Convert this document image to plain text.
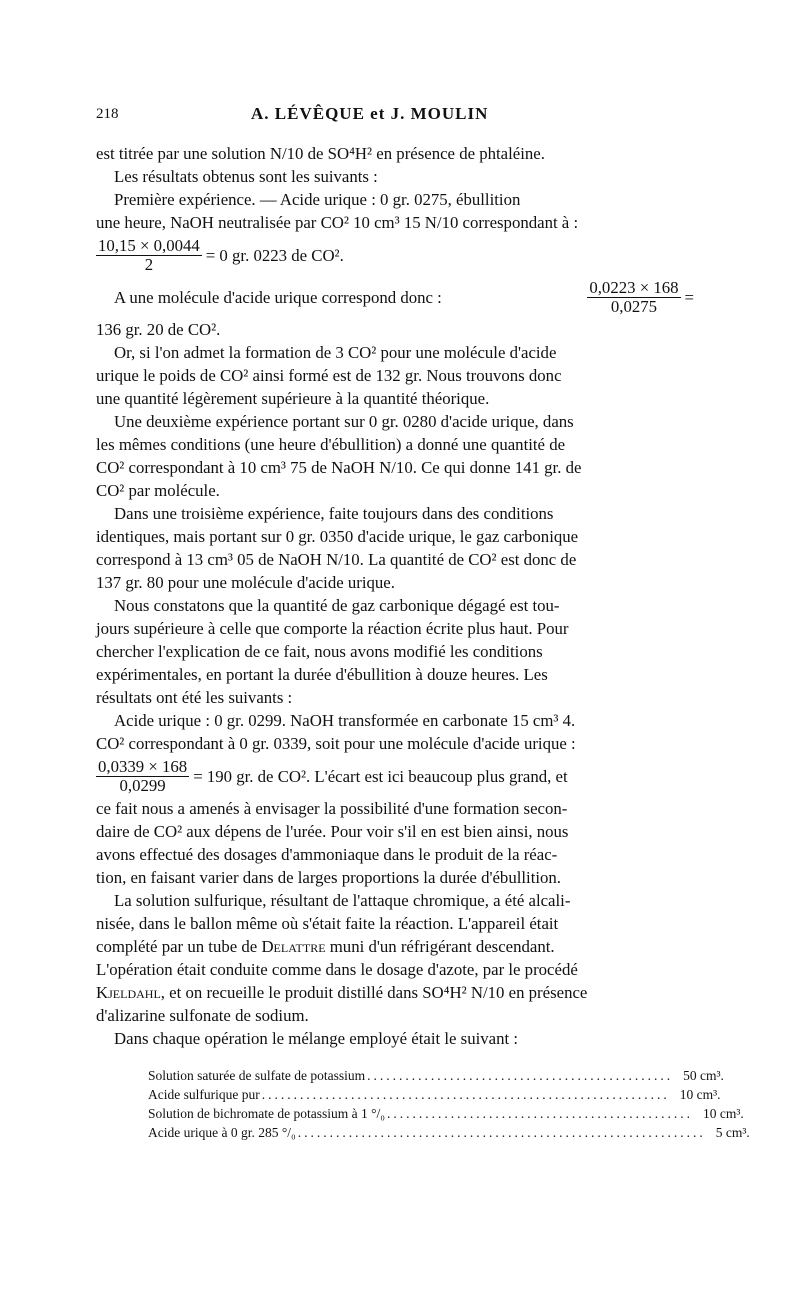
218	A. LÉVÊQUE et J. MOULIN

est titrée par une solution N/10 de SO⁴H² en présence de phtaléine.

Les résultats obtenus sont les suivants :

Première expérience. — Acide urique : 0 gr. 0275, ébullition
une heure, NaOH neutralisée par CO² 10 cm³ 15 N/10 correspondant à :

$\frac{10,15 \times 0,0044}{2} = 0$ gr. 0223 de CO².
A une molécule d'acide urique correspond donc :	$\frac{0,0223 \times 168}{0,0275}$ =

136 gr. 20 de CO².

Or, si l'on admet la formation de 3 CO² pour une molécule d'acide
urique le poids de CO² ainsi formé est de 132 gr. Nous trouvons donc
une quantité légèrement supérieure à la quantité théorique.

Une deuxième expérience portant sur 0 gr. 0280 d'acide urique, dans
les mêmes conditions (une heure d'ébullition) a donné une quantité de
CO² correspondant à 10 cm³ 75 de NaOH N/10. Ce qui donne 141 gr. de
CO² par molécule.

Dans une troisième expérience, faite toujours dans des conditions
identiques, mais portant sur 0 gr. 0350 d'acide urique, le gaz carbonique
correspond à 13 cm³ 05 de NaOH N/10. La quantité de CO² est donc de
137 gr. 80 pour une molécule d'acide urique.

Nous constatons que la quantité de gaz carbonique dégagé est tou-
jours supérieure à celle que comporte la réaction écrite plus haut. Pour
chercher l'explication de ce fait, nous avons modifié les conditions
expérimentales, en portant la durée d'ébullition à douze heures. Les
résultats ont été les suivants :

Acide urique : 0 gr. 0299. NaOH transformée en carbonate 15 cm³ 4.
CO² correspondant à 0 gr. 0339, soit pour une molécule d'acide urique :

$\frac{0,0339 \times 168}{0,0299} = 190$ gr. de CO². L'écart est ici beaucoup plus grand, et

ce fait nous a amenés à envisager la possibilité d'une formation secon-
daire de CO² aux dépens de l'urée. Pour voir s'il en est bien ainsi, nous
avons effectué des dosages d'ammoniaque dans le produit de la réac-
tion, en faisant varier dans de larges proportions la durée d'ébullition.

La solution sulfurique, résultant de l'attaque chromique, a été alcali-
nisée, dans le ballon même où s'était faite la réaction. L'appareil était
complété par un tube de Delattre muni d'un réfrigérant descendant.
L'opération était conduite comme dans le dosage d'azote, par le procédé
Kjeldahl, et on recueille le produit distillé dans SO⁴H² N/10 en présence
d'alizarine sulfonate de sodium.

Dans chaque opération le mélange employé était le suivant :

Solution saturée de sulfate de potassium ................................................ 50 cm³.
Acide sulfurique pur ................................................................ 10 cm³.
Solution de bichromate de potassium à 1 °/₀ ................................................ 10 cm³.
Acide urique à 0 gr. 285 °/₀ ................................................................ 5 cm³.
